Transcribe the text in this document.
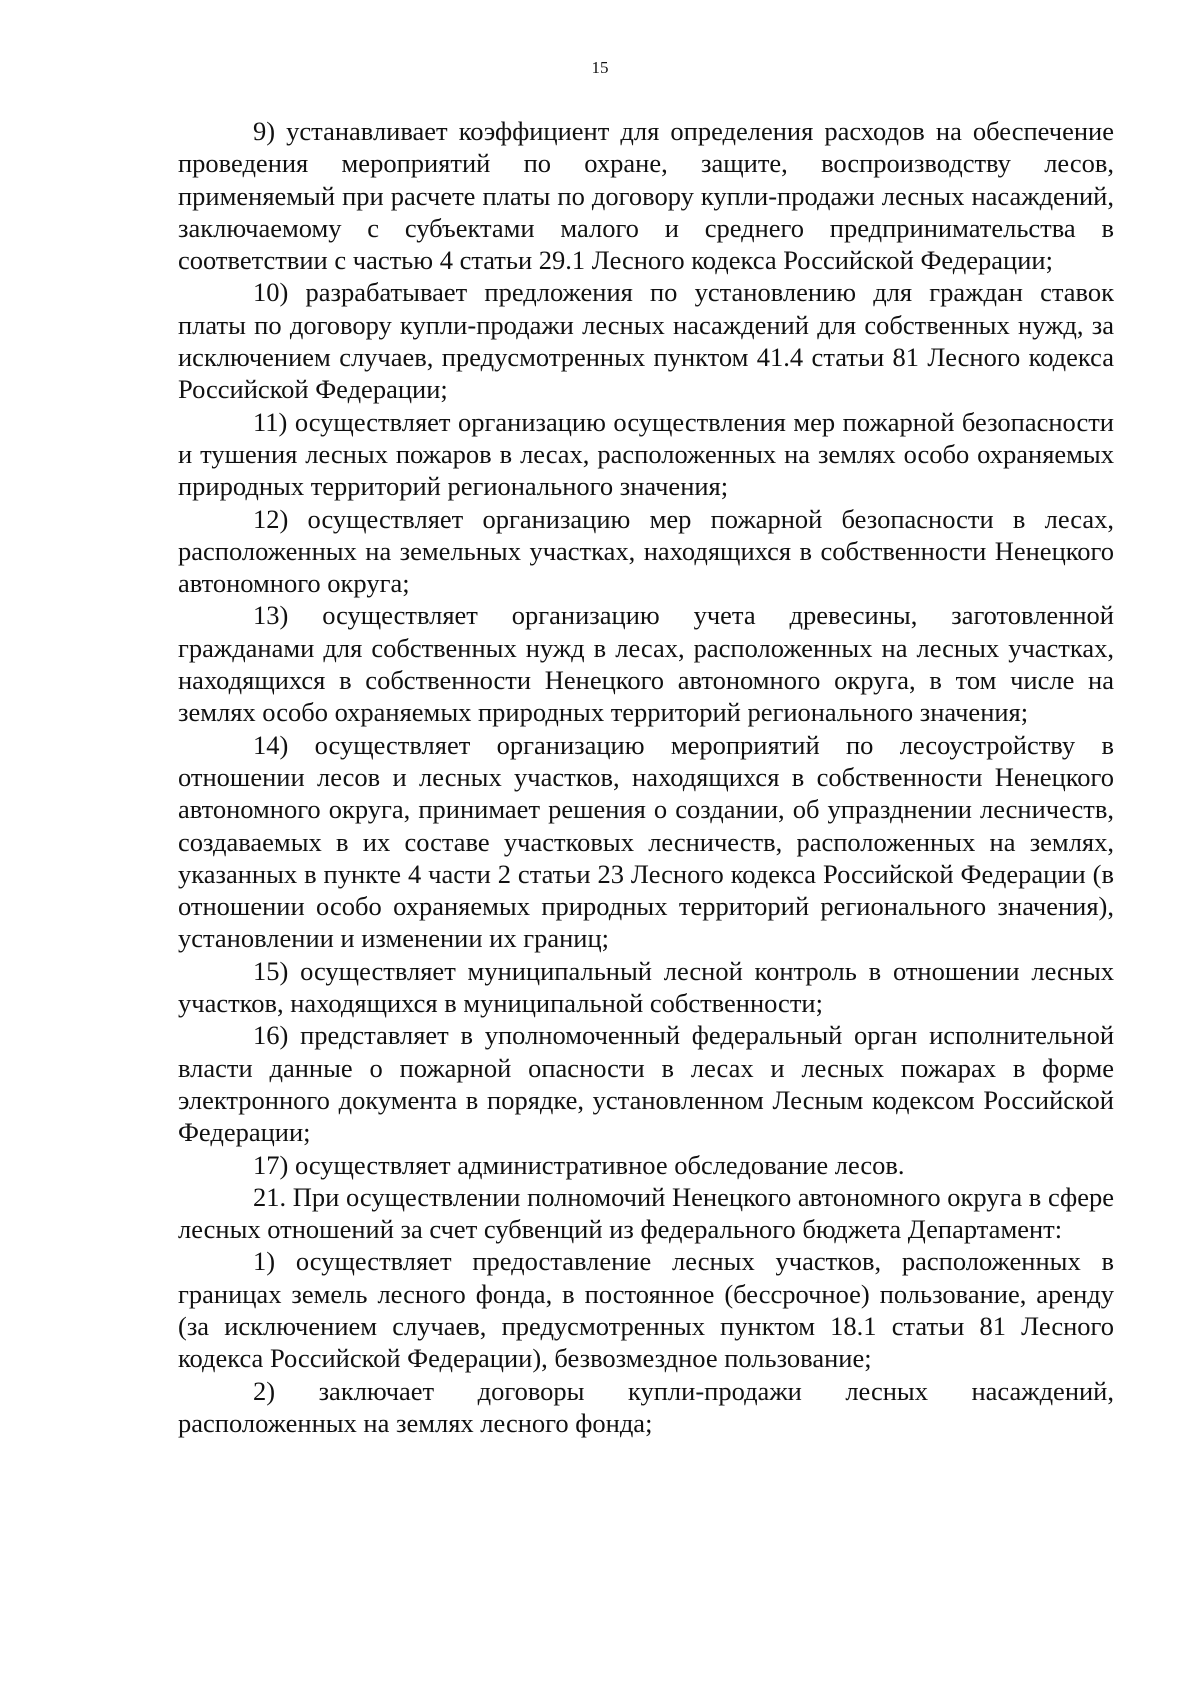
15

9) устанавливает коэффициент для определения расходов на обеспечение проведения мероприятий по охране, защите, воспроизводству лесов, применяемый при расчете платы по договору купли-продажи лесных насаждений, заключаемому с субъектами малого и среднего предпринимательства в соответствии с частью 4 статьи 29.1 Лесного кодекса Российской Федерации;

10) разрабатывает предложения по установлению для граждан ставок платы по договору купли-продажи лесных насаждений для собственных нужд, за исключением случаев, предусмотренных пунктом 41.4 статьи 81 Лесного кодекса Российской Федерации;

11) осуществляет организацию осуществления мер пожарной безопасности и тушения лесных пожаров в лесах, расположенных на землях особо охраняемых природных территорий регионального значения;

12) осуществляет организацию мер пожарной безопасности в лесах, расположенных на земельных участках, находящихся в собственности Ненецкого автономного округа;

13) осуществляет организацию учета древесины, заготовленной гражданами для собственных нужд в лесах, расположенных на лесных участках, находящихся в собственности Ненецкого автономного округа, в том числе на землях особо охраняемых природных территорий регионального значения;

14) осуществляет организацию мероприятий по лесоустройству в отношении лесов и лесных участков, находящихся в собственности Ненецкого автономного округа, принимает решения о создании, об упразднении лесничеств, создаваемых в их составе участковых лесничеств, расположенных на землях, указанных в пункте 4 части 2 статьи 23 Лесного кодекса Российской Федерации (в отношении особо охраняемых природных территорий регионального значения), установлении и изменении их границ;

15) осуществляет муниципальный лесной контроль в отношении лесных участков, находящихся в муниципальной собственности;

16) представляет в уполномоченный федеральный орган исполнительной власти данные о пожарной опасности в лесах и лесных пожарах в форме электронного документа в порядке, установленном Лесным кодексом Российской Федерации;

17) осуществляет административное обследование лесов.

21. При осуществлении полномочий Ненецкого автономного округа в сфере лесных отношений за счет субвенций из федерального бюджета Департамент:

1) осуществляет предоставление лесных участков, расположенных в границах земель лесного фонда, в постоянное (бессрочное) пользование, аренду (за исключением случаев, предусмотренных пунктом 18.1 статьи 81 Лесного кодекса Российской Федерации), безвозмездное пользование;

2) заключает договоры купли-продажи лесных насаждений, расположенных на землях лесного фонда;
